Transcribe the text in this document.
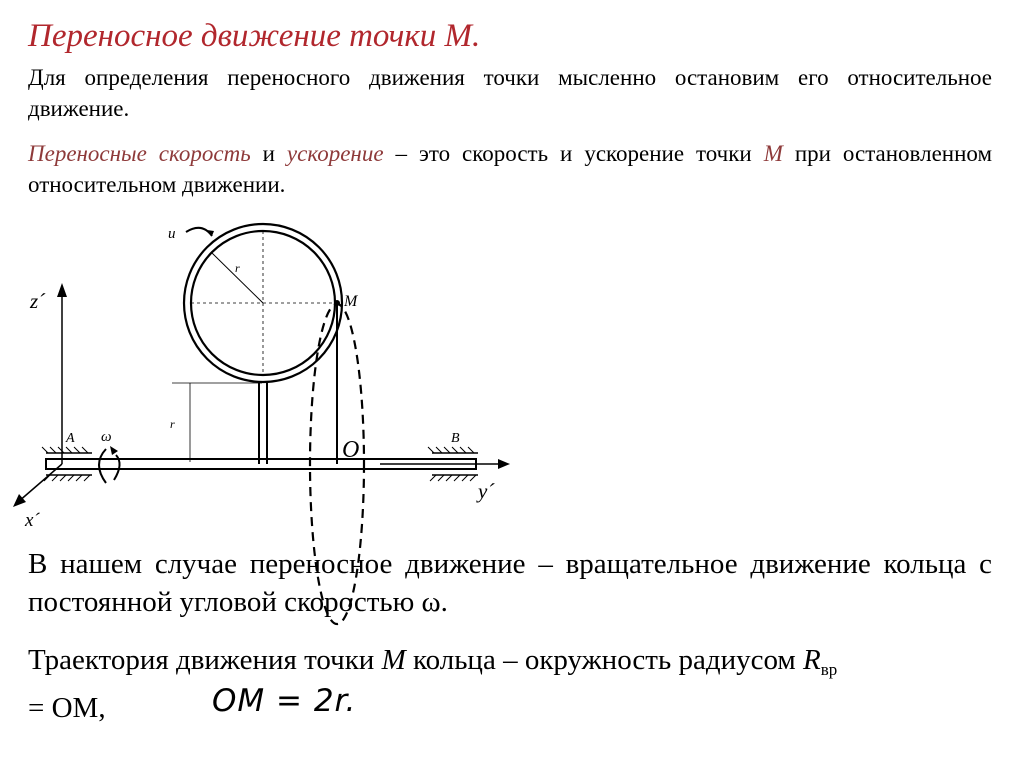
Переносное движение точки М.
Для определения переносного движения точки мысленно остановим его относительное движение.
Переносные скорость и ускорение – это скорость и ускорение точки М при остановленном относительном движении.
u
r
M
z´
r
A ω	O	B
y´
x´
В нашем случае переносное движение – вращательное движение кольца с постоянной угловой скоростью ω.
Траектория движения точки М кольца – окружность радиусом $R_{вр}$
= ОМ,	OM = 2r.
